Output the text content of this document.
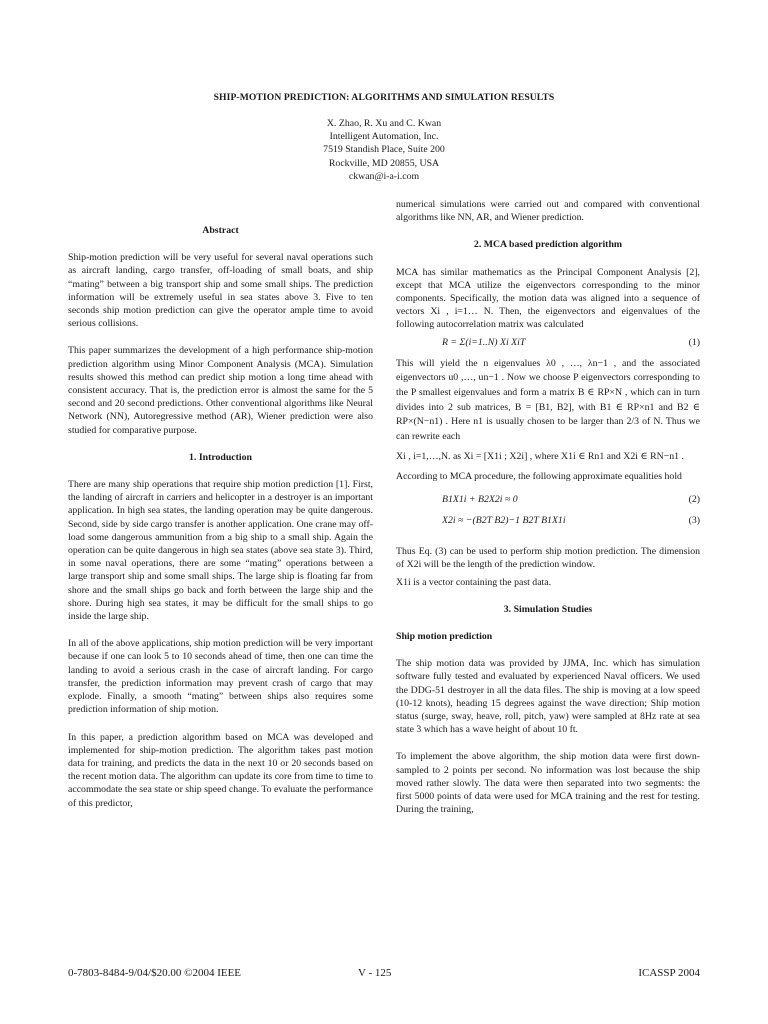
SHIP-MOTION PREDICTION: ALGORITHMS AND SIMULATION RESULTS
X. Zhao, R. Xu and C. Kwan
Intelligent Automation, Inc.
7519 Standish Place, Suite 200
Rockville, MD 20855, USA
ckwan@i-a-i.com
Abstract

Ship-motion prediction will be very useful for several naval operations such as aircraft landing, cargo transfer, off-loading of small boats, and ship “mating” between a big transport ship and some small ships. The prediction information will be extremely useful in sea states above 3. Five to ten seconds ship motion prediction can give the operator ample time to avoid serious collisions.

This paper summarizes the development of a high performance ship-motion prediction algorithm using Minor Component Analysis (MCA). Simulation results showed this method can predict ship motion a long time ahead with consistent accuracy. That is, the prediction error is almost the same for the 5 second and 20 second predictions. Other conventional algorithms like Neural Network (NN), Autoregressive method (AR), Wiener prediction were also studied for comparative purpose.

1. Introduction

There are many ship operations that require ship motion prediction [1]. First, the landing of aircraft in carriers and helicopter in a destroyer is an important application. In high sea states, the landing operation may be quite dangerous. Second, side by side cargo transfer is another application. One crane may off-load some dangerous ammunition from a big ship to a small ship. Again the operation can be quite dangerous in high sea states (above sea state 3). Third, in some naval operations, there are some “mating” operations between a large transport ship and some small ships. The large ship is floating far from shore and the small ships go back and forth between the large ship and the shore. During high sea states, it may be difficult for the small ships to go inside the large ship.

In all of the above applications, ship motion prediction will be very important because if one can look 5 to 10 seconds ahead of time, then one can time the landing to avoid a serious crash in the case of aircraft landing. For cargo transfer, the prediction information may prevent crash of cargo that may explode. Finally, a smooth “mating” between ships also requires some prediction information of ship motion.

In this paper, a prediction algorithm based on MCA was developed and implemented for ship-motion prediction. The algorithm takes past motion data for training, and predicts the data in the next 10 or 20 seconds based on the recent motion data. The algorithm can update its core from time to time to accommodate the sea state or ship speed change. To evaluate the performance of this predictor,

numerical simulations were carried out and compared with conventional algorithms like NN, AR, and Wiener prediction.

2. MCA based prediction algorithm

MCA has similar mathematics as the Principal Component Analysis [2], except that MCA utilize the eigenvectors corresponding to the minor components. Specifically, the motion data was aligned into a sequence of vectors Xi , i=1… N. Then, the eigenvectors and eigenvalues of the following autocorrelation matrix was calculated

R = Σ(i=1..N) Xi XiT	(1)

This will yield the n eigenvalues λ0 , …, λn−1 , and the associated eigenvectors u0 ,…, un−1 . Now we choose P eigenvectors corresponding to the P smallest eigenvalues and form a matrix B ∈ RP×N , which can in turn divides into 2 sub matrices, B = [B1, B2], with B1 ∈ RP×n1 and B2 ∈ RP×(N−n1) . Here n1 is usually chosen to be larger than 2/3 of N. Thus we can rewrite each

Xi , i=1,…,N. as Xi = [X1i ; X2i] , where X1i ∈ Rn1 and X2i ∈ RN−n1 .

According to MCA procedure, the following approximate equalities hold

B1X1i + B2X2i ≈ 0	(2)
X2i ≈ −(B2T B2)−1 B2T B1X1i	(3)

Thus Eq. (3) can be used to perform ship motion prediction. The dimension of X2i will be the length of the prediction window.

X1i is a vector containing the past data.

3. Simulation Studies
Ship motion prediction

The ship motion data was provided by JJMA, Inc. which has simulation software fully tested and evaluated by experienced Naval officers. We used the DDG-51 destroyer in all the data files. The ship is moving at a low speed (10-12 knots), heading 15 degrees against the wave direction; Ship motion status (surge, sway, heave, roll, pitch, yaw) were sampled at 8Hz rate at sea state 3 which has a wave height of about 10 ft.

To implement the above algorithm, the ship motion data were first down-sampled to 2 points per second. No information was lost because the ship moved rather slowly. The data were then separated into two segments: the first 5000 points of data were used for MCA training and the rest for testing. During the training,

0-7803-8484-9/04/$20.00 ©2004 IEEE	V - 125	ICASSP 2004
